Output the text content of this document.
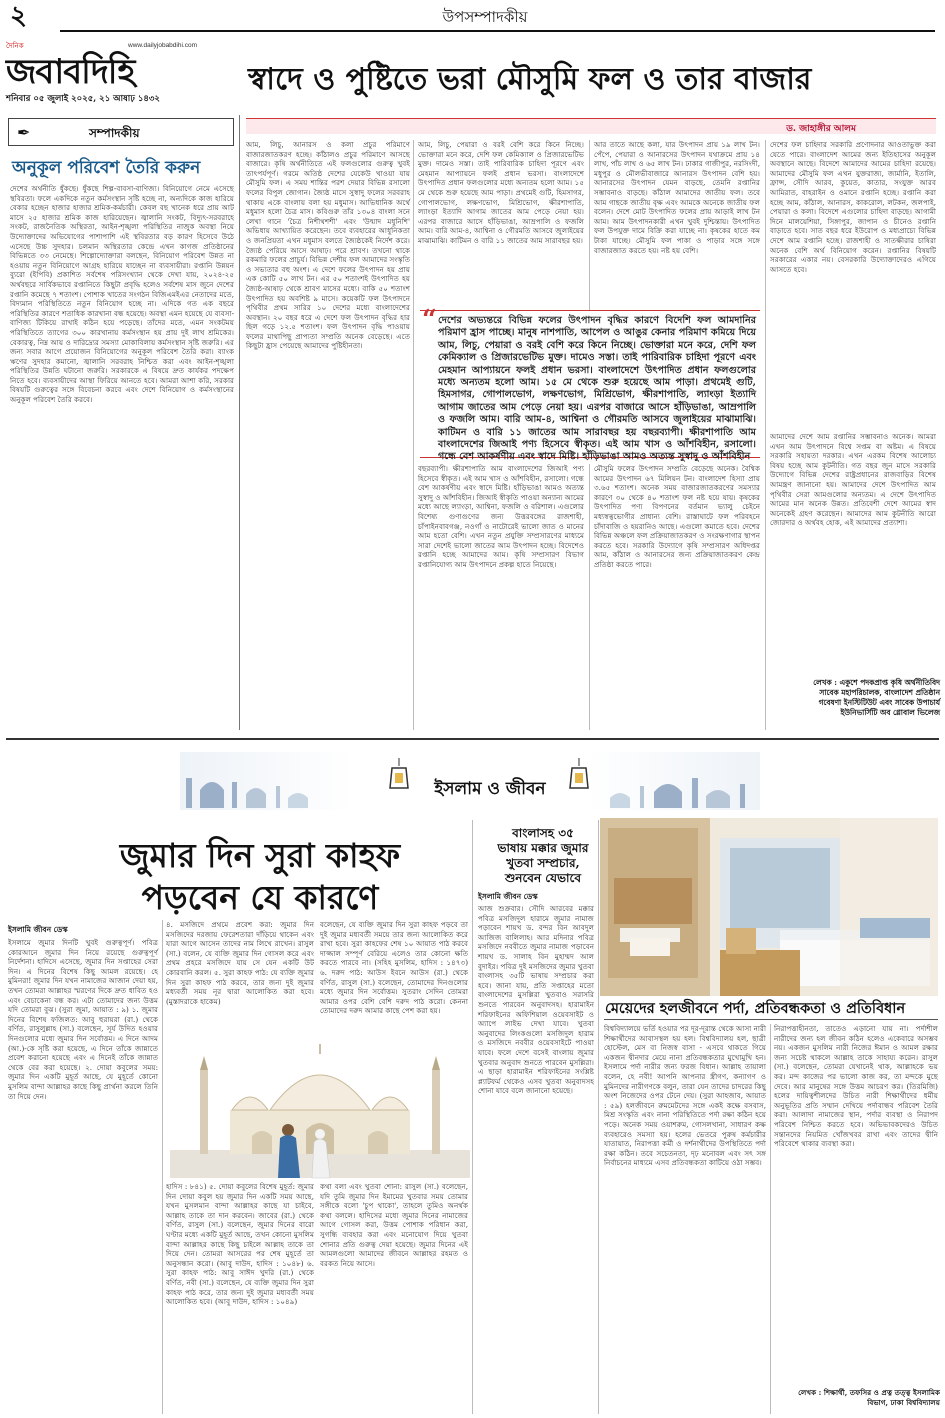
২	উপসম্পাদকীয়
দৈনিক
জবাবদিহি
www.dailyjobabdihi.com
শনিবার ০৫ জুলাই ২০২৫, ২১ আষাঢ় ১৪৩২
স্বাদে ও পুষ্টিতে ভরা মৌসুমি ফল ও তার বাজার
✒	সম্পাদকীয়
অনুকূল পরিবেশ তৈরি করুন
দেশের অর্থনীতি ধুঁকছে। ধুঁকছে শিল্প-বাবসা-বাণিজ্য। বিনিয়োগে নেমে এসেছে স্থবিরতা। ফলে একদিকে নতুন কর্মসংস্থান সৃষ্টি হচ্ছে না, অন্যদিকে কাজ হারিয়ে বেকার হচ্ছেন হাজার হাজার শ্রমিক-কর্মচারী। কেবল বছ খানেক ধরে প্রায় আট মাসে ২৫ হাজার শ্রমিক কাজ হারিয়েছেন। জ্বালানি সংকট, বিদ্যুৎ-সরবরাহে সংকট, রাজনৈতিক অস্থিরতা, আইন-শৃঙ্খলা পরিস্থিতির নাজুক অবস্থা নিয়ে উদ্যোক্তাদের অভিযোগের পাশাপাশি এই স্থবিরতার বড় কারণ হিসেবে উঠে এসেছে উচ্চ সুদহার। চলমান অস্থিরতার কেন্দ্রে এখন কাগজ প্রতিষ্ঠানের বিভিন্নতে ৩৩ নেমেছে। শিল্পোদ্যোক্তারা বলছেন, বিনিয়োগ পরিবেশ উন্নত না হওয়ায় নতুন বিনিয়োগে আগ্রহ হারিয়ে যাচ্ছেন না ব্যবসায়ীরা। রপ্তানি উন্নয়ন ব্যুরো (ইপিবি) প্রকাশিত সর্বশেষ পরিসংখ্যান থেকে দেখা যায়, ২০২৪-২৫ অর্থবছরে সার্বিকভাবে রপ্তানিতে কিছুটা প্রবৃদ্ধি হলেও সর্বশেষ মাস জুনে দেশের রপ্তানি কমেছে ৭ শতাংশ। পোশাক খাতের সংগঠন বিজিএমইএর নেতাদের মতে, বিদ্যমান পরিস্থিতিতে নতুন বিনিয়োগ হচ্ছে না। এদিকে গত এক বছরে পরিস্থিতির কারণে শতাধিক কারখানা বন্ধ হয়েছে। অবস্থা এমন হয়েছে যে ব্যবসা-বাণিজ্য টিকিয়ে রাখাই কঠিন হয়ে পড়েছে। তাঁদের মতে, এমন সংকটময় পরিস্থিতিতে ত্যাগের ৩০০ কারখানায় কর্মসংস্থান হয় প্রায় দুই লাখ শ্রমিকের। বেকারত্ব, নিম্ন আয় ও দারিদ্র্যের সমস্যা মোকাবিলায় কর্মসংস্থান সৃষ্টি জরুরি। এর জন্য সবার আগে প্রয়োজন বিনিয়োগের অনুকূল পরিবেশ তৈরি করা। ব্যাংক ঋণের সুদহার কমানো, জ্বালানি সরবরাহ নিশ্চিত করা এবং আইন-শৃঙ্খলা পরিস্থিতির উন্নতি ঘটানো জরুরি। সরকারকে এ বিষয়ে দ্রুত কার্যকর পদক্ষেপ নিতে হবে। ব্যবসায়ীদের আস্থা ফিরিয়ে আনতে হবে। আমরা আশা করি, সরকার বিষয়টি গুরুত্বের সঙ্গে বিবেচনা করবে এবং দেশে বিনিয়োগ ও কর্মসংস্থানের অনুকূল পরিবেশ তৈরি করবে।
ড. জাহাঙ্গীর আলম
আম, লিচু, আনারস ও কলা প্রচুর পরিমাণে বাজারজাতকরণ হচ্ছে। কাঁঠালও প্রচুর পরিমাণে আসছে বাজারে। কৃষি অর্থনীতিতে এই ফলগুলোর গুরুত্ব খুবই তাৎপর্যপূর্ণ। গরমে অতিষ্ঠ দেশের যেকেউ খাওয়া যায় মৌসুমি ফল। এ সময় শান্তির পরশ দেয়ার বিভিন্ন রসালো ফলের বিপুল জোগান। জ্যৈষ্ঠ মাসে সুস্বাদু ফলের সরবরাহ থাকায় একে বাংলায় বলা হয় মধুমাস। আভিধানিক অর্থে মধুমাস হলো চৈত্র মাস। কবিগুরু তাঁর ১৩০৪ বাংলা সনে লেখা গানে 'চৈত্র নিশীথশশী' এবং 'উন্মাদ মধুনিশি' অভিধায় আখ্যায়িত করেছেন। তবে ব্যবহারের আধুনিকতা ও জনপ্রিয়তা এখন মধুমাস বলতে জ্যৈষ্ঠকেই নির্দেশ করে। জ্যৈষ্ঠ পেরিয়ে আসে আষাঢ়। পরে শ্রাবণ। তখনো থাকে রকমারি ফলের প্রাচুর্য। বিভিন্ন দেশীয় ফল আমাদের সংস্কৃতি ও সভ্যতার বহু অংশ। এ দেশে ফলের উৎপাদন হয় প্রায় এক কোটি ৫০ লাখ টন। এর ৫০ শতাংশই উৎপাদিত হয় জ্যৈষ্ঠ-আষাঢ় থেকে শ্রাবণ মাসের মধ্যে। বাকি ৫০ শতাংশ উৎপাদিত হয় অবশিষ্ট ৯ মাসে। কয়েকটি ফল উৎপাদনে পৃথিবীর প্রথম সারির ১০ দেশের মধ্যে বাংলাদেশের অবস্থান। ২০ বছর ধরে এ দেশে ফল উৎপাদন বৃদ্ধির হার ছিল গড়ে ১২.৫ শতাংশ। ফল উৎপাদন বৃদ্ধি পাওয়ায় ফলের মাথাপিছু প্রাপ্যতা সম্প্রতি অনেক বেড়েছে। এতে কিছুটা হ্রাস পেয়েছে আমাদের পুষ্টিহীনতা।
আম, লিচু, পেয়ারা ও বরই বেশি করে কিনে নিচ্ছে। ভোক্তারা মনে করে, দেশি ফল কেমিক্যাল ও প্রিজারভেটিভ মুক্ত। দামেও সস্তা। তাই পারিবারিক চাহিদা পূরণে এবং মেহমান আপ্যায়নে ফলই প্রধান ভরসা। বাংলাদেশে উৎপাদিত প্রধান ফলগুলোর মধ্যে অন্যতম হলো আম। ১৫ মে থেকে শুরু হয়েছে আম পাড়া। প্রথমেই গুটি, হিমসাগর, গোপালভোগ, লক্ষণভোগ, মিশ্রিভোগ, ক্ষীরশাপাতি, ল্যাংড়া ইত্যাদি আগাম জাতের আম পেড়ে নেয়া হয়। এরপর বাজারে আসে হাঁড়িভাঙা, আম্রপালি ও ফজলি আম। বারি আম-৪, আশ্বিনা ও গৌরমতি আসবে জুলাইয়ের মাঝামাঝি। কাটিমন ও বারি ১১ জাতের আম সারাবছর হয়।
আর তাতে আছে কলা, যার উৎপাদন প্রায় ১৯ লাখ টন। পেঁপে, পেয়ারা ও আনারসের উৎপাদন যথাক্রমে প্রায় ১৪ লাখ, পাঁচ লাখ ও ৬৫ লাখ টন। ঢাকার গাজীপুর, নরসিংদী, মধুপুর ও মৌলভীবাজারে আনারস উৎপাদন বেশি হয়। আনারসের উৎপাদন যেমন বাড়ছে, তেমনি রপ্তানির সম্ভাবনাও বাড়ছে। কাঁঠাল আমাদের জাতীয় ফল। তবে আম গাছকে জাতীয় বৃক্ষ এবং আমকে অনেকে জাতীয় ফল বলেন। দেশে মোট উৎপাদিত ফলের প্রায় আড়াই লাখ টন আম। আম উৎপাদনকারী এখন খুবই দুশ্চিন্তায়। উৎপাদিত ফল উপযুক্ত দামে বিক্রি করা যাচ্ছে না। কৃষকের হাতে কম টাকা যাচ্ছে। মৌসুমি ফল পাকা ও পাড়ার সঙ্গে সঙ্গে বাজারজাত করতে হয়। নষ্ট হয় বেশি।
“ দেশের অভ্যন্তরে বিভিন্ন ফলের উৎপাদন বৃদ্ধির কারণে বিদেশি ফল আমদানির পরিমাণ হ্রাস পাচ্ছে। মানুষ নাশপাতি, আপেল ও আঙুর কেনার পরিমাণ কমিয়ে দিয়ে আম, লিচু, পেয়ারা ও বরই বেশি করে কিনে নিচ্ছে। ভোক্তারা মনে করে, দেশি ফল কেমিক্যাল ও প্রিজারভেটিভ মুক্ত। দামেও সস্তা। তাই পারিবারিক চাহিদা পূরণে এবং মেহমান আপ্যায়নে ফলই প্রধান ভরসা। বাংলাদেশে উৎপাদিত প্রধান ফলগুলোর মধ্যে অন্যতম হলো আম। ১৫ মে থেকে শুরু হয়েছে আম পাড়া। প্রথমেই গুটি, হিমসাগর, গোপালভোগ, লক্ষণভোগ, মিশ্রিভোগ, ক্ষীরশাপাতি, ল্যাংড়া ইত্যাদি আগাম জাতের আম পেড়ে নেয়া হয়। এরপর বাজারে আসে হাঁড়িভাঙা, আম্রপালি ও ফজলি আম। বারি আম-৪, আশ্বিনা ও গৌরমতি আসবে জুলাইয়ের মাঝামাঝি। কাটিমন ও বারি ১১ জাতের আম সারাবছর হয় বছরব্যাপী। ক্ষীরশাপাতি আম বাংলাদেশের জিআই পণ্য হিসেবে স্বীকৃত। এই আম খাস ও আঁশবিহীন, রসালো। গন্ধে বেশ আকর্ষণীয় এবং স্বাদে মিষ্টি। হাঁড়িভাঙা আমও অত্যন্ত সুস্বাদু ও আঁশবিহীন
বছরব্যাপী। ক্ষীরশাপাতি আম বাংলাদেশের জিআই পণ্য হিসেবে স্বীকৃত। এই আম খাস ও আঁশবিহীন, রসালো। গন্ধে বেশ আকর্ষণীয় এবং স্বাদে মিষ্টি। হাঁড়িভাঙা আমও অত্যন্ত সুস্বাদু ও আঁশবিহীন। জিআই স্বীকৃতি পাওয়া অন্যান্য আমের মধ্যে আছে ল্যাংড়া, আশ্বিনা, ফজলি ও বরিশাল। এগুলোর বিশেষ্য গুণাগুণের জন্য উত্তরবঙ্গের রাজশাহী, চাঁপাইনবাবগঞ্জ, নওগাঁ ও নাটোরেই ভালো জাত ও মানের আম হতো বেশি। এখন নতুন প্রযুক্তি সম্প্রসারণের মাধ্যমে সারা দেশেই ভালো জাতের আম উৎপাদন হচ্ছে। বিদেশেও রপ্তানি হচ্ছে আমাদের আম। কৃষি সম্প্রসারণ বিভাগ রপ্তানিযোগ্য আম উৎপাদনে প্রকল্প হাতে নিয়েছে।
মৌসুমি ফলের উৎপাদন সম্প্রতি বেড়েছে অনেক। বৈশ্বিক আমের উৎপাদন ৬৭ মিলিয়ন টন। বাংলাদেশ হিস্যা প্রায় ৩.৬৫ শতাংশ। অনেক সময় বাজারজাতকরণের সমস্যার কারণে ৩০ থেকে ৪০ শতাংশ ফল নষ্ট হয়ে যায়। কৃষকের উৎপাদিত পণ্য বিপণনের বর্তমান ভ্যালু চেইনে মধ্যস্বত্বভোগীর প্রাধান্য বেশি। রাস্তাঘাটে ফল পরিবহনে চাঁদাবাজি ও হয়রানিও আছে। এগুলো কমাতে হবে। দেশের বিভিন্ন অঞ্চলে ফল প্রক্রিয়াজাতকরণ ও সংরক্ষণাগার স্থাপন করতে হবে। সরকারি উদ্যোগে কৃষি সম্প্রসারণ অধিদপ্তর আম, কাঁঠাল ও আনারসের জন্য প্রক্রিয়াজাতকরণ কেন্দ্র প্রতিষ্ঠা করতে পারে।
দেশের ফল চাহিদার সরকারি প্রণোদনার আওতাভুক্ত করা যেতে পারে। বাংলাদেশ আমের জন্য ইতিহাসের অনুকূল অবস্থানে আছে। বিদেশে আমাদের আমের চাহিদা রয়েছে। আমাদের মৌসুমি ফল এখন যুক্তরাজ্য, জার্মানি, ইতালি, ফ্রান্স, সৌদি আরব, কুয়েত, কাতার, সংযুক্ত আরব আমিরাত, বাহরাইন ও ওমানে রপ্তানি হচ্ছে। রপ্তানি করা হচ্ছে আম, কাঁঠাল, আনারস, কাকরোল, লটকন, জলপাই, পেয়ারা ও কলা। বিদেশে এগুলোর চাহিদা বাড়ছে। আগামী দিনে মালয়েশিয়া, সিঙ্গাপুর, জাপান ও চীনেও রপ্তানি বাড়াতে হবে। সাত বছর ধরে ইউরোপ ও মধ্যপ্রাচ্যে বিভিন্ন দেশে আম রপ্তানি হচ্ছে। রাজশাহী ও সাতক্ষীরার চাষিরা অনেক বেশি অর্থ বিনিয়োগ করেন। রপ্তানির বিষয়টি সরকারের একার নয়। বেসরকারি উদ্যোক্তাদেরও এগিয়ে আসতে হবে।
আমাদের দেশে আম রপ্তানির সম্ভাবনাও অনেক। আমরা এখন আম উৎপাদনে বিশ্বে সপ্তম বা অষ্টম। এ বিষয়ে সরকারি সহায়তা দরকার। এখন এরকম বিশেষ আলোচ্য বিষয় হচ্ছে আম কুটনীতি। গত বছর জুন মাসে সরকারি উদ্যোগে বিভিন্ন দেশের রাষ্ট্রপ্রধানের রাজবাড়ির বিশেষ আমন্ত্রণ জানানো হয়। আমাদের দেশে উৎপাদিত আম পৃথিবীর সেরা আমগুলোর অন্যতম। এ দেশে উৎপাদিত আমের মান অনেক উন্নত। প্রতিবেশী দেশে আমের স্বাদ অনেকেই গ্রহণ করেছেন। আমাদের আম কুটনীতি আরো জোরদার ও অর্থবহ হোক, এই আমাদের প্রত্যাশা।
লেখক : একুশে পদকপ্রাপ্ত কৃষি অর্থনীতিবিদ
সাবেক মহাপরিচালক, বাংলাদেশ প্রতিষ্ঠান
গবেষণা ইনস্টিটিউট এবং সাবেক উপাচার্য
ইউনিভার্সিটি অব গ্লোবাল ভিলেজ
ইসলাম ও জীবন
জুমার দিন সুরা কাহফ
পড়বেন যে কারণে
ইসলামি জীবন ডেস্ক
ইসলামে জুমার দিনটি খুবই গুরুত্বপূর্ণ। পবিত্র কোরআনে জুমার দিন নিয়ে রয়েছে গুরুত্বপূর্ণ নির্দেশনা। হাদিসে এসেছে, জুমার দিন সপ্তাহের সেরা দিন। এ দিনের বিশেষ কিছু আমল রয়েছে। হে মুমিনরা! জুমার দিন যখন নামাজের আজান দেয়া হয়, তখন তোমরা আল্লাহর স্মরণের দিকে দ্রুত ধাবিত হও এবং বেচাকেনা বন্ধ কর। এটা তোমাদের জন্য উত্তম যদি তোমরা বুঝ। (সুরা জুমা, আয়াত : ৯) ১. জুমার দিনের বিশেষ ফজিলত: আবু হুরায়রা (রা.) থেকে বর্ণিত, রাসুলুল্লাহ (সা.) বলেছেন, সূর্য উদিত হওয়ার দিনগুলোর মধ্যে জুমার দিন সর্বোত্তম। এ দিনে আদম (আ.)-কে সৃষ্টি করা হয়েছে, এ দিনে তাঁকে জান্নাতে প্রবেশ করানো হয়েছে এবং এ দিনেই তাঁকে জান্নাত থেকে বের করা হয়েছে। ২. দোয়া কবুলের সময়: জুমার দিন একটি মুহূর্ত আছে, যে মুহূর্তে কোনো মুসলিম বান্দা আল্লাহর কাছে কিছু প্রার্থনা করলে তিনি তা দিয়ে দেন।
৪. মসজিদে প্রথমে প্রবেশ করা: জুমার দিন মসজিদের দরজায় ফেরেশতারা দাঁড়িয়ে থাকেন এবং যারা আগে আসেন তাদের নাম লিখে রাখেন। রাসুল (সা.) বলেন, যে ব্যক্তি জুমার দিন গোসল করে এবং প্রথম প্রহরে মসজিদে যায় সে যেন একটি উট কোরবানি করল। ৫. সুরা কাহফ পাঠ: যে ব্যক্তি জুমার দিন সুরা কাহফ পাঠ করবে, তার জন্য দুই জুমার মধ্যবর্তী সময় নূর দ্বারা আলোকিত করা হবে। (মুস্তাদরাকে হাকেম)
বলেছেন, যে ব্যক্তি জুমার দিন সুরা কাহফ পড়বে তা দুই জুমার মধ্যবর্তী সময়ে তার জন্য আলোকিত করে রাখা হবে। সুরা কাহফের শেষ ১০ আয়াত পাঠ করবে দাজ্জাল সম্পূর্ণ বেরিয়ে এলেও তার কোনো ক্ষতি করতে পারবে না। (সহিহ মুসলিম, হাদিস : ১৪৭৩) ৬. দরুদ পাঠ: আউস ইবনে আউস (রা.) থেকে বর্ণিত, রাসুল (সা.) বলেছেন, তোমাদের দিনগুলোর মধ্যে জুমার দিন সর্বোত্তম। সুতরাং সেদিন তোমরা আমার ওপর বেশি বেশি দরুদ পাঠ করো। কেননা তোমাদের দরুদ আমার কাছে পেশ করা হয়।
হাদিস : ৮৪১) ৫. দোয়া কবুলের বিশেষ মুহূর্ত: জুমার দিন দোয়া কবুল হয় জুমার দিন একটি সময় আছে, যখন মুসলমান বান্দা আল্লাহর কাছে যা চাইবে, আল্লাহ তাকে তা দান করবেন। জাবের (রা.) থেকে বর্ণিত, রাসুল (সা.) বলেছেন, জুমার দিনের বারো ঘণ্টার মধ্যে একটি মুহূর্ত আছে, তখন কোনো মুসলিম বান্দা আল্লাহর কাছে কিছু চাইলে আল্লাহ তাকে তা দিয়ে দেন। তোমরা আসরের পর শেষ মুহূর্তে তা অনুসন্ধান করো। (আবু দাউদ, হাদিস : ১০৪৮) ৬. সুরা কাহফ পাঠ: আবু সাঈদ খুদরি (রা.) থেকে বর্ণিত, নবী (সা.) বলেছেন, যে ব্যক্তি জুমার দিন সুরা কাহফ পাঠ করে, তার জন্য দুই জুমার মধ্যবর্তী সময় আলোকিত হবে। (আবু দাউদ, হাদিস : ১০৪৯)
কথা বলা এবং খুতবা শোনা: রাসুল (সা.) বলেছেন, যদি তুমি জুমার দিন ইমামের খুতবার সময় তোমার সঙ্গীকে বলো 'চুপ থাকো', তাহলে তুমিও অনর্থক কথা বললে। হাদিসের মধ্যে জুমার দিনের নামাজের আগে গোসল করা, উত্তম পোশাক পরিধান করা, সুগন্ধি ব্যবহার করা এবং মনোযোগ দিয়ে খুতবা শোনার প্রতি গুরুত্ব দেয়া হয়েছে। জুমার দিনের এই আমলগুলো আমাদের জীবনে আল্লাহর রহমত ও বরকত নিয়ে আসে।
বাংলাসহ ৩৫
ভাষায় মক্কার জুমার
খুতবা সম্প্রচার,
শুনবেন যেভাবে
ইসলামি জীবন ডেস্ক
আজ শুক্রবার। সৌদি আরবের মক্কার পবিত্র মসজিদুল হারামে জুমার নামাজ পড়াবেন শায়খ ড. বন্দর বিন আবদুল আজিজ বালিলাহ। আর মদিনার পবিত্র মসজিদে নববীতে জুমার নামাজ পড়াবেন শায়খ ড. সালাহ বিন মুহাম্মদ আল বুদাইর। পবিত্র দুই মসজিদের জুমার খুতবা বাংলাসহ ৩৫টি ভাষায় সম্প্রচার করা হবে। জানা যায়, প্রতি সপ্তাহের মতো বাংলাদেশের মুসল্লিরা খুতবাও সরাসরি শুনতে পারবেন অনুবাদসহ। হারামাইন শরিফাইনের অফিশিয়াল ওয়েবসাইট ও অ্যাপে লাইভ দেখা যাবে। খুতবা অনুবাদের লিংকগুলো মসজিদুল হারাম ও মসজিদে নববীর ওয়েবসাইটে পাওয়া যাবে। ফলে দেশে বসেই বাংলায় জুমার খুতবার অনুবাদ শুনতে পারবেন মুসল্লিরা। এ ছাড়া হারামাইন শরিফাইনের সংশ্লিষ্ট প্ল্যাটফর্ম থেকেও এসব খুতবা অনুবাদসহ শোনা যাবে বলে জানানো হয়েছে।
মেয়েদের হলজীবনে পর্দা, প্রতিবন্ধকতা ও প্রতিবিধান
বিশ্ববিদ্যালয়ে ভর্তি হওয়ার পর দূর-দূরান্ত থেকে আসা নারী শিক্ষার্থীদের আবাসস্থল হয় হল। বিশ্ববিদ্যালয় হল, ছাত্রী হোস্টেল, মেস বা নিজস্ব বাসা - এসবে থাকতে গিয়ে একজন দ্বীনদার মেয়ে নানা প্রতিবন্ধকতার মুখোমুখি হন। ইসলামে পর্দা নারীর জন্য ফরজ বিধান। আল্লাহ তায়ালা বলেন, হে নবী! আপনি আপনার স্ত্রীগণ, কন্যাগণ ও মুমিনদের নারীগণকে বলুন, তারা যেন তাদের চাদরের কিছু অংশ নিজেদের ওপর টেনে দেয়। (সুরা আহজাব, আয়াত : ৫৯) হলজীবনে রুমমেটদের সঙ্গে একই কক্ষে বসবাস, মিশ্র সংস্কৃতি এবং নানা পরিস্থিতিতে পর্দা রক্ষা কঠিন হয়ে পড়ে। অনেক সময় ওয়াশরুম, গোসলখানা, সাধারণ কক্ষ ব্যবহারেও সমস্যা হয়। হলের ভেতরে পুরুষ কর্মচারীর যাতায়াত, নিরাপত্তা কর্মী ও দর্শনার্থীদের উপস্থিতিতে পর্দা রক্ষা কঠিন। তবে সচেতনতা, দৃঢ় মনোবল এবং সৎ সঙ্গ নির্বাচনের মাধ্যমে এসব প্রতিবন্ধকতা কাটিয়ে ওঠা সম্ভব।
নিরাপত্তাহীনতা, তাতেও এড়ানো যায় না। পর্দাশীল নারীদের জন্য হল জীবন কঠিন হলেও একেবারে অসম্ভব নয়। একজন মুসলিম নারী নিজের ঈমান ও আমল রক্ষার জন্য সচেষ্ট থাকলে আল্লাহ তাকে সাহায্য করেন। রাসুল (সা.) বলেছেন, তোমরা যেখানেই থাক, আল্লাহকে ভয় কর। মন্দ কাজের পর ভালো কাজ কর, তা মন্দকে মুছে দেবে। আর মানুষের সঙ্গে উত্তম আচরণ কর। (তিরমিজি) হলের দায়িত্বশীলদের উচিত নারী শিক্ষার্থীদের ধর্মীয় অনুভূতির প্রতি সম্মান দেখিয়ে পর্দাবান্ধব পরিবেশ তৈরি করা। আলাদা নামাজের স্থান, পর্দার ব্যবস্থা ও নিরাপদ পরিবেশ নিশ্চিত করতে হবে। অভিভাবকদেরও উচিত সন্তানদের নিয়মিত খোঁজখবর রাখা এবং তাদের দ্বীনি পরিবেশে থাকার ব্যবস্থা করা।
লেখক : শিক্ষার্থী, তফসির ও প্রত্ন তত্ত্ব ইসলামিক
বিভাগ, ঢাকা বিশ্ববিদ্যালয়
